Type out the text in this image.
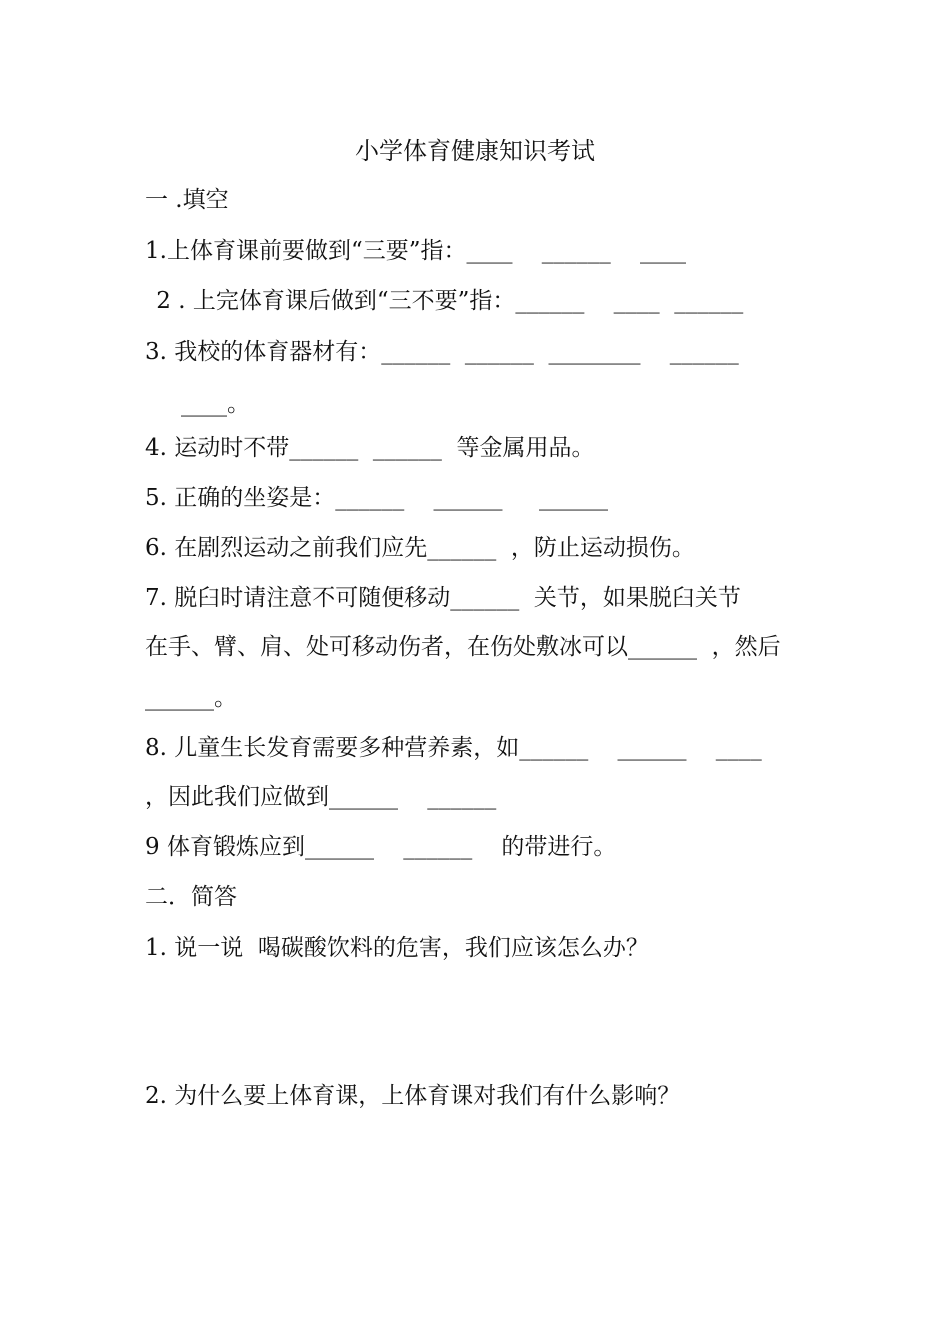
小学体育健康知识考试
一 .填空
1.上体育课前要做到“三要”指：____    ______    ____
2 . 上完体育课后做到“三不要”指：______    ____  ______
3. 我校的体育器材有：______  ______  ________    ______
____。
4. 运动时不带______  ______  等金属用品。
5. 正确的坐姿是：______    ______     ______
6. 在剧烈运动之前我们应先______  ，防止运动损伤。
7. 脱臼时请注意不可随便移动______  关节，如果脱臼关节
在手、臂、肩、处可移动伤者，在伤处敷冰可以______  ，然后
______。
8. 儿童生长发育需要多种营养素，如______    ______    ____
，因此我们应做到______    ______
9 体育锻炼应到______    ______    的带进行。
二．简答
1. 说一说  喝碳酸饮料的危害，我们应该怎么办？
2. 为什么要上体育课，上体育课对我们有什么影响？
